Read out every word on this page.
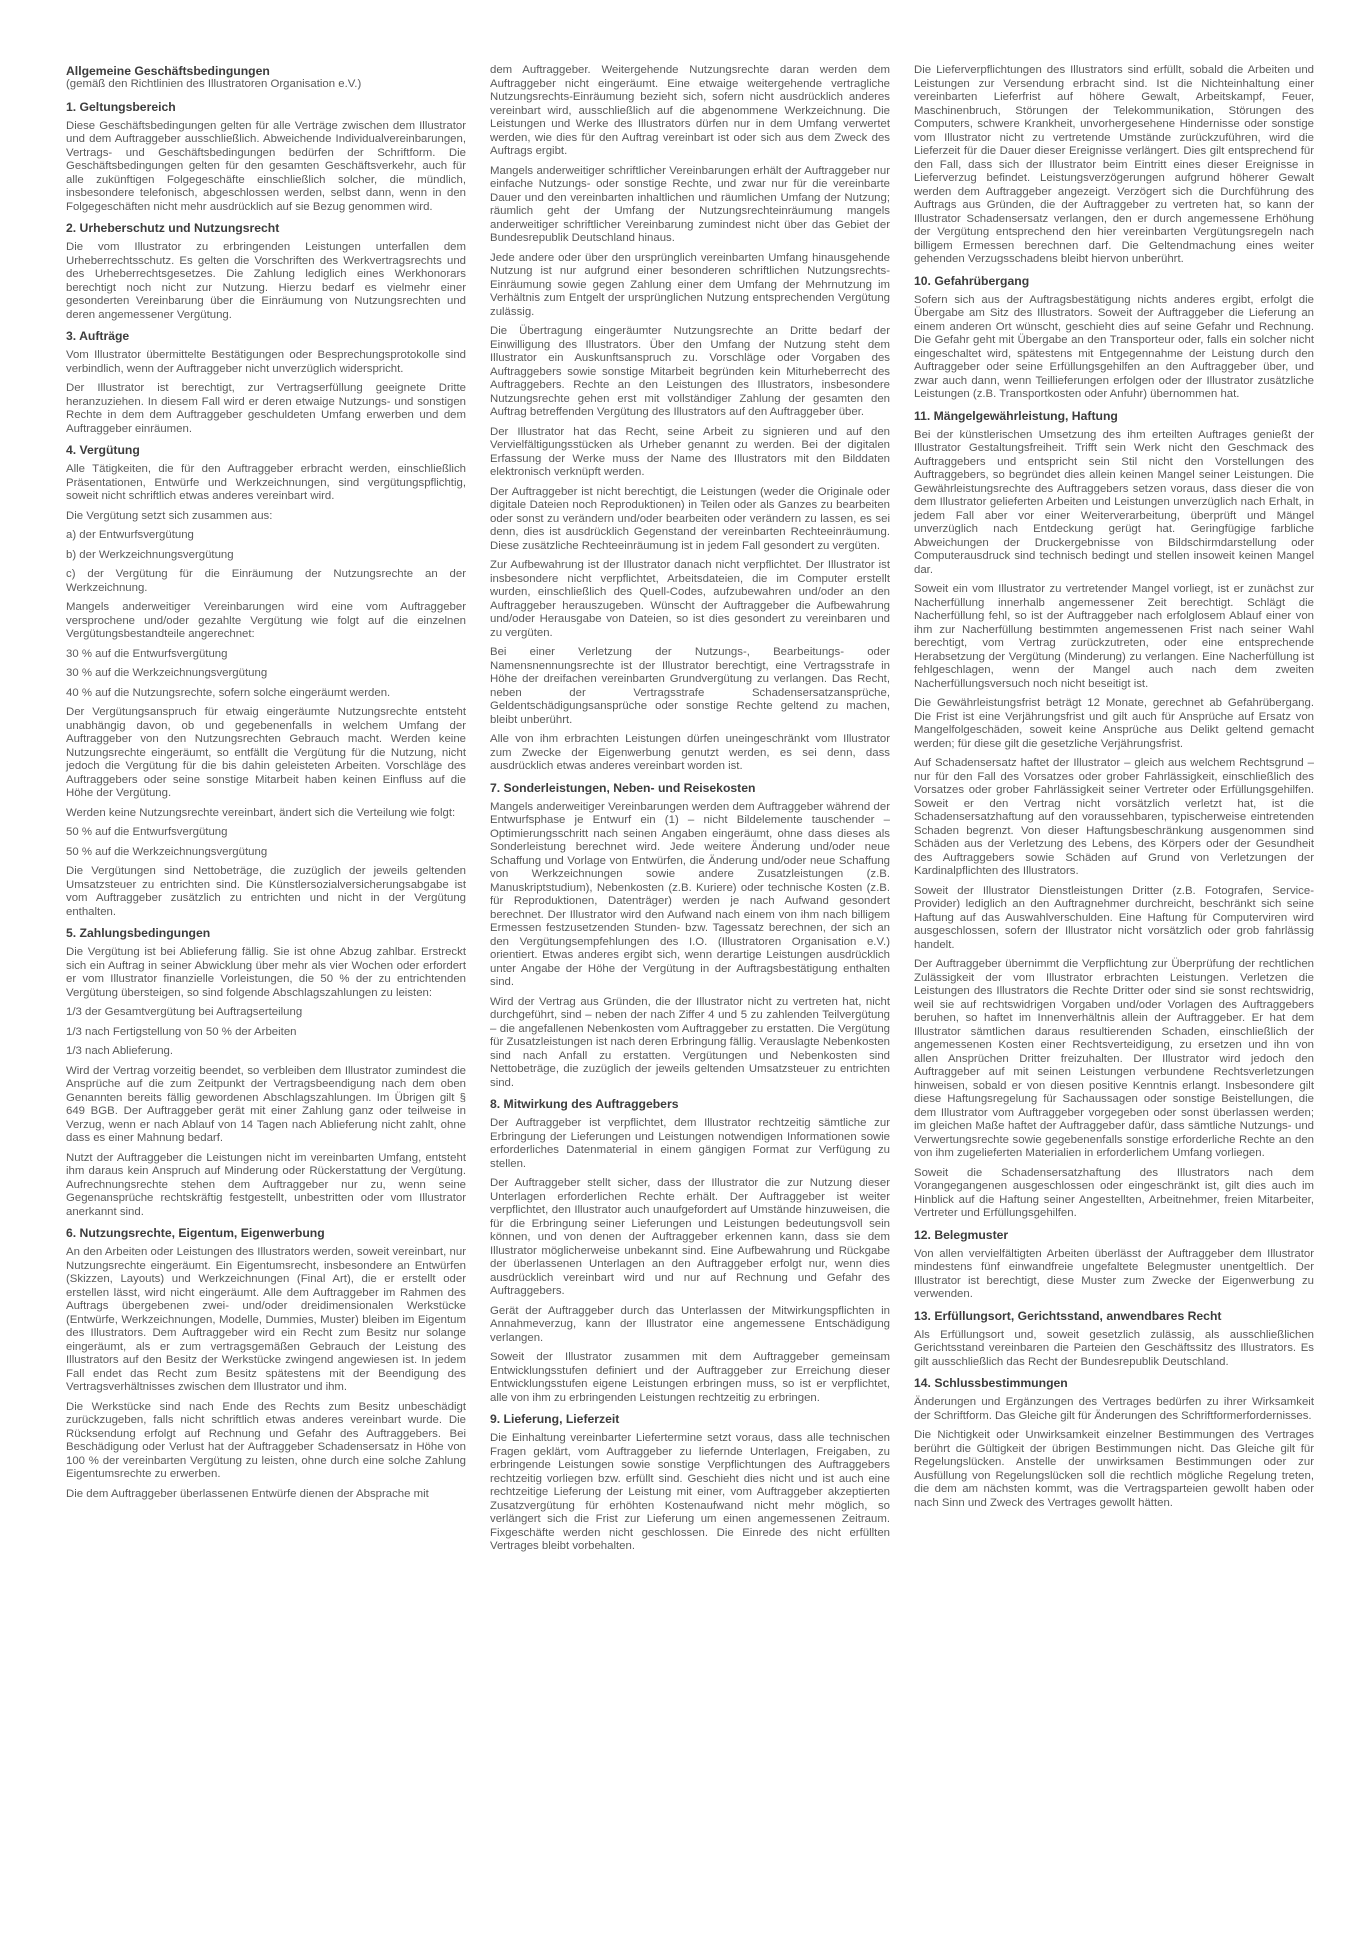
Allgemeine Geschäftsbedingungen
(gemäß den Richtlinien des Illustratoren Organisation e.V.)
1. Geltungsbereich

Diese Geschäftsbedingungen gelten für alle Verträge zwischen dem Illustrator und dem Auftraggeber ausschließlich. Abweichende Individualvereinbarungen, Vertrags- und Geschäftsbedingungen bedürfen der Schriftform. Die Geschäftsbedingungen gelten für den gesamten Geschäftsverkehr, auch für alle zukünftigen Folgegeschäfte einschließlich solcher, die mündlich, insbesondere telefonisch, abgeschlossen werden, selbst dann, wenn in den Folgegeschäften nicht mehr ausdrücklich auf sie Bezug genommen wird.

2. Urheberschutz und Nutzungsrecht

Die vom Illustrator zu erbringenden Leistungen unterfallen dem Urheberrechtsschutz. Es gelten die Vorschriften des Werkvertragsrechts und des Urheberrechtsgesetzes. Die Zahlung lediglich eines Werkhonorars berechtigt noch nicht zur Nutzung. Hierzu bedarf es vielmehr einer gesonderten Vereinbarung über die Einräumung von Nutzungsrechten und deren angemessener Vergütung.

3. Aufträge

Vom Illustrator übermittelte Bestätigungen oder Besprechungsprotokolle sind verbindlich, wenn der Auftraggeber nicht unverzüglich widerspricht.

Der Illustrator ist berechtigt, zur Vertragserfüllung geeignete Dritte heranzuziehen. In diesem Fall wird er deren etwaige Nutzungs- und sonstigen Rechte in dem dem Auftraggeber geschuldeten Umfang erwerben und dem Auftraggeber einräumen.

4. Vergütung

Alle Tätigkeiten, die für den Auftraggeber erbracht werden, einschließlich Präsentationen, Entwürfe und Werkzeichnungen, sind vergütungspflichtig, soweit nicht schriftlich etwas anderes vereinbart wird.

Die Vergütung setzt sich zusammen aus:

a) der Entwurfsvergütung

b) der Werkzeichnungsvergütung

c) der Vergütung für die Einräumung der Nutzungsrechte an der Werkzeichnung.

Mangels anderweitiger Vereinbarungen wird eine vom Auftraggeber versprochene und/oder gezahlte Vergütung wie folgt auf die einzelnen Vergütungsbestandteile angerechnet:

30 % auf die Entwurfsvergütung

30 % auf die Werkzeichnungsvergütung

40 % auf die Nutzungsrechte, sofern solche eingeräumt werden.

Der Vergütungsanspruch für etwaig eingeräumte Nutzungsrechte entsteht unabhängig davon, ob und gegebenenfalls in welchem Umfang der Auftraggeber von den Nutzungsrechten Gebrauch macht. Werden keine Nutzungsrechte eingeräumt, so entfällt die Vergütung für die Nutzung, nicht jedoch die Vergütung für die bis dahin geleisteten Arbeiten. Vorschläge des Auftraggebers oder seine sonstige Mitarbeit haben keinen Einfluss auf die Höhe der Vergütung.

Werden keine Nutzungsrechte vereinbart, ändert sich die Verteilung wie folgt:

50 % auf die Entwurfsvergütung

50 % auf die Werkzeichnungsvergütung

Die Vergütungen sind Nettobeträge, die zuzüglich der jeweils geltenden Umsatzsteuer zu entrichten sind. Die Künstlersozialversicherungsabgabe ist vom Auftraggeber zusätzlich zu entrichten und nicht in der Vergütung enthalten.

5. Zahlungsbedingungen

Die Vergütung ist bei Ablieferung fällig. Sie ist ohne Abzug zahlbar. Erstreckt sich ein Auftrag in seiner Abwicklung über mehr als vier Wochen oder erfordert er vom Illustrator finanzielle Vorleistungen, die 50 % der zu entrichtenden Vergütung übersteigen, so sind folgende Abschlagszahlungen zu leisten:

1/3 der Gesamtvergütung bei Auftragserteilung

1/3 nach Fertigstellung von 50 % der Arbeiten

1/3 nach Ablieferung.

Wird der Vertrag vorzeitig beendet, so verbleiben dem Illustrator zumindest die Ansprüche auf die zum Zeitpunkt der Vertragsbeendigung nach dem oben Genannten bereits fällig gewordenen Abschlagszahlungen. Im Übrigen gilt § 649 BGB. Der Auftraggeber gerät mit einer Zahlung ganz oder teilweise in Verzug, wenn er nach Ablauf von 14 Tagen nach Ablieferung nicht zahlt, ohne dass es einer Mahnung bedarf.

Nutzt der Auftraggeber die Leistungen nicht im vereinbarten Umfang, entsteht ihm daraus kein Anspruch auf Minderung oder Rückerstattung der Vergütung. Aufrechnungsrechte stehen dem Auftraggeber nur zu, wenn seine Gegenansprüche rechtskräftig festgestellt, unbestritten oder vom Illustrator anerkannt sind.

6. Nutzungsrechte, Eigentum, Eigenwerbung

An den Arbeiten oder Leistungen des Illustrators werden, soweit vereinbart, nur Nutzungsrechte eingeräumt. Ein Eigentumsrecht, insbesondere an Entwürfen (Skizzen, Layouts) und Werkzeichnungen (Final Art), die er erstellt oder erstellen lässt, wird nicht eingeräumt. Alle dem Auftraggeber im Rahmen des Auftrags übergebenen zwei- und/oder dreidimensionalen Werkstücke (Entwürfe, Werkzeichnungen, Modelle, Dummies, Muster) bleiben im Eigentum des Illustrators. Dem Auftraggeber wird ein Recht zum Besitz nur solange eingeräumt, als er zum vertragsgemäßen Gebrauch der Leistung des Illustrators auf den Besitz der Werkstücke zwingend angewiesen ist. In jedem Fall endet das Recht zum Besitz spätestens mit der Beendigung des Vertragsverhältnisses zwischen dem Illustrator und ihm.

Die Werkstücke sind nach Ende des Rechts zum Besitz unbeschädigt zurückzugeben, falls nicht schriftlich etwas anderes vereinbart wurde. Die Rücksendung erfolgt auf Rechnung und Gefahr des Auftraggebers. Bei Beschädigung oder Verlust hat der Auftraggeber Schadensersatz in Höhe von 100 % der vereinbarten Vergütung zu leisten, ohne durch eine solche Zahlung Eigentumsrechte zu erwerben.

Die dem Auftraggeber überlassenen Entwürfe dienen der Absprache mit

dem Auftraggeber. Weitergehende Nutzungsrechte daran werden dem Auftraggeber nicht eingeräumt. Eine etwaige weitergehende vertragliche Nutzungsrechts-Einräumung bezieht sich, sofern nicht ausdrücklich anderes vereinbart wird, ausschließlich auf die abgenommene Werkzeichnung. Die Leistungen und Werke des Illustrators dürfen nur in dem Umfang verwertet werden, wie dies für den Auftrag vereinbart ist oder sich aus dem Zweck des Auftrags ergibt.

Mangels anderweitiger schriftlicher Vereinbarungen erhält der Auftraggeber nur einfache Nutzungs- oder sonstige Rechte, und zwar nur für die vereinbarte Dauer und den vereinbarten inhaltlichen und räumlichen Umfang der Nutzung; räumlich geht der Umfang der Nutzungsrechteinräumung mangels anderweitiger schriftlicher Vereinbarung zumindest nicht über das Gebiet der Bundesrepublik Deutschland hinaus.

Jede andere oder über den ursprünglich vereinbarten Umfang hinausgehende Nutzung ist nur aufgrund einer besonderen schriftlichen Nutzungsrechts-Einräumung sowie gegen Zahlung einer dem Umfang der Mehrnutzung im Verhältnis zum Entgelt der ursprünglichen Nutzung entsprechenden Vergütung zulässig.

Die Übertragung eingeräumter Nutzungsrechte an Dritte bedarf der Einwilligung des Illustrators. Über den Umfang der Nutzung steht dem Illustrator ein Auskunftsanspruch zu. Vorschläge oder Vorgaben des Auftraggebers sowie sonstige Mitarbeit begründen kein Miturheberrecht des Auftraggebers. Rechte an den Leistungen des Illustrators, insbesondere Nutzungsrechte gehen erst mit vollständiger Zahlung der gesamten den Auftrag betreffenden Vergütung des Illustrators auf den Auftraggeber über.

Der Illustrator hat das Recht, seine Arbeit zu signieren und auf den Vervielfältigungsstücken als Urheber genannt zu werden. Bei der digitalen Erfassung der Werke muss der Name des Illustrators mit den Bilddaten elektronisch verknüpft werden.

Der Auftraggeber ist nicht berechtigt, die Leistungen (weder die Originale oder digitale Dateien noch Reproduktionen) in Teilen oder als Ganzes zu bearbeiten oder sonst zu verändern und/oder bearbeiten oder verändern zu lassen, es sei denn, dies ist ausdrücklich Gegenstand der vereinbarten Rechteeinräumung. Diese zusätzliche Rechteeinräumung ist in jedem Fall gesondert zu vergüten.

Zur Aufbewahrung ist der Illustrator danach nicht verpflichtet. Der Illustrator ist insbesondere nicht verpflichtet, Arbeitsdateien, die im Computer erstellt wurden, einschließlich des Quell-Codes, aufzubewahren und/oder an den Auftraggeber herauszugeben. Wünscht der Auftraggeber die Aufbewahrung und/oder Herausgabe von Dateien, so ist dies gesondert zu vereinbaren und zu vergüten.

Bei einer Verletzung der Nutzungs-, Bearbeitungs- oder Namensnennungsrechte ist der Illustrator berechtigt, eine Vertragsstrafe in Höhe der dreifachen vereinbarten Grundvergütung zu verlangen. Das Recht, neben der Vertragsstrafe Schadensersatzansprüche, Geldentschädigungsansprüche oder sonstige Rechte geltend zu machen, bleibt unberührt.

Alle von ihm erbrachten Leistungen dürfen uneingeschränkt vom Illustrator zum Zwecke der Eigenwerbung genutzt werden, es sei denn, dass ausdrücklich etwas anderes vereinbart worden ist.

7. Sonderleistungen, Neben- und Reisekosten

Mangels anderweitiger Vereinbarungen werden dem Auftraggeber während der Entwurfsphase je Entwurf ein (1) – nicht Bildelemente tauschender – Optimierungsschritt nach seinen Angaben eingeräumt, ohne dass dieses als Sonderleistung berechnet wird. Jede weitere Änderung und/oder neue Schaffung und Vorlage von Entwürfen, die Änderung und/oder neue Schaffung von Werkzeichnungen sowie andere Zusatzleistungen (z.B. Manuskriptstudium), Nebenkosten (z.B. Kuriere) oder technische Kosten (z.B. für Reproduktionen, Datenträger) werden je nach Aufwand gesondert berechnet. Der Illustrator wird den Aufwand nach einem von ihm nach billigem Ermessen festzusetzenden Stunden- bzw. Tagessatz berechnen, der sich an den Vergütungsempfehlungen des I.O. (Illustratoren Organisation e.V.) orientiert. Etwas anderes ergibt sich, wenn derartige Leistungen ausdrücklich unter Angabe der Höhe der Vergütung in der Auftragsbestätigung enthalten sind.

Wird der Vertrag aus Gründen, die der Illustrator nicht zu vertreten hat, nicht durchgeführt, sind – neben der nach Ziffer 4 und 5 zu zahlenden Teilvergütung – die angefallenen Nebenkosten vom Auftraggeber zu erstatten. Die Vergütung für Zusatzleistungen ist nach deren Erbringung fällig. Verauslagte Nebenkosten sind nach Anfall zu erstatten. Vergütungen und Nebenkosten sind Nettobeträge, die zuzüglich der jeweils geltenden Umsatzsteuer zu entrichten sind.

8. Mitwirkung des Auftraggebers

Der Auftraggeber ist verpflichtet, dem Illustrator rechtzeitig sämtliche zur Erbringung der Lieferungen und Leistungen notwendigen Informationen sowie erforderliches Datenmaterial in einem gängigen Format zur Verfügung zu stellen.

Der Auftraggeber stellt sicher, dass der Illustrator die zur Nutzung dieser Unterlagen erforderlichen Rechte erhält. Der Auftraggeber ist weiter verpflichtet, den Illustrator auch unaufgefordert auf Umstände hinzuweisen, die für die Erbringung seiner Lieferungen und Leistungen bedeutungsvoll sein können, und von denen der Auftraggeber erkennen kann, dass sie dem Illustrator möglicherweise unbekannt sind. Eine Aufbewahrung und Rückgabe der überlassenen Unterlagen an den Auftraggeber erfolgt nur, wenn dies ausdrücklich vereinbart wird und nur auf Rechnung und Gefahr des Auftraggebers.

Gerät der Auftraggeber durch das Unterlassen der Mitwirkungspflichten in Annahmeverzug, kann der Illustrator eine angemessene Entschädigung verlangen.

Soweit der Illustrator zusammen mit dem Auftraggeber gemeinsam Entwicklungsstufen definiert und der Auftraggeber zur Erreichung dieser Entwicklungsstufen eigene Leistungen erbringen muss, so ist er verpflichtet, alle von ihm zu erbringenden Leistungen rechtzeitig zu erbringen.

9. Lieferung, Lieferzeit

Die Einhaltung vereinbarter Liefertermine setzt voraus, dass alle technischen Fragen geklärt, vom Auftraggeber zu liefernde Unterlagen, Freigaben, zu erbringende Leistungen sowie sonstige Verpflichtungen des Auftraggebers rechtzeitig vorliegen bzw. erfüllt sind. Geschieht dies nicht und ist auch eine rechtzeitige Lieferung der Leistung mit einer, vom Auftraggeber akzeptierten Zusatzvergütung für erhöhten Kostenaufwand nicht mehr möglich, so verlängert sich die Frist zur Lieferung um einen angemessenen Zeitraum. Fixgeschäfte werden nicht geschlossen. Die Einrede des nicht erfüllten Vertrages bleibt vorbehalten.

Die Lieferverpflichtungen des Illustrators sind erfüllt, sobald die Arbeiten und Leistungen zur Versendung erbracht sind. Ist die Nichteinhaltung einer vereinbarten Lieferfrist auf höhere Gewalt, Arbeitskampf, Feuer, Maschinenbruch, Störungen der Telekommunikation, Störungen des Computers, schwere Krankheit, unvorhergesehene Hindernisse oder sonstige vom Illustrator nicht zu vertretende Umstände zurückzuführen, wird die Lieferzeit für die Dauer dieser Ereignisse verlängert. Dies gilt entsprechend für den Fall, dass sich der Illustrator beim Eintritt eines dieser Ereignisse in Lieferverzug befindet. Leistungsverzögerungen aufgrund höherer Gewalt werden dem Auftraggeber angezeigt. Verzögert sich die Durchführung des Auftrags aus Gründen, die der Auftraggeber zu vertreten hat, so kann der Illustrator Schadensersatz verlangen, den er durch angemessene Erhöhung der Vergütung entsprechend den hier vereinbarten Vergütungsregeln nach billigem Ermessen berechnen darf. Die Geltendmachung eines weiter gehenden Verzugsschadens bleibt hiervon unberührt.

10. Gefahrübergang

Sofern sich aus der Auftragsbestätigung nichts anderes ergibt, erfolgt die Übergabe am Sitz des Illustrators. Soweit der Auftraggeber die Lieferung an einem anderen Ort wünscht, geschieht dies auf seine Gefahr und Rechnung. Die Gefahr geht mit Übergabe an den Transporteur oder, falls ein solcher nicht eingeschaltet wird, spätestens mit Entgegennahme der Leistung durch den Auftraggeber oder seine Erfüllungsgehilfen an den Auftraggeber über, und zwar auch dann, wenn Teillieferungen erfolgen oder der Illustrator zusätzliche Leistungen (z.B. Transportkosten oder Anfuhr) übernommen hat.

11. Mängelgewährleistung, Haftung

Bei der künstlerischen Umsetzung des ihm erteilten Auftrages genießt der Illustrator Gestaltungsfreiheit. Trifft sein Werk nicht den Geschmack des Auftraggebers und entspricht sein Stil nicht den Vorstellungen des Auftraggebers, so begründet dies allein keinen Mangel seiner Leistungen. Die Gewährleistungsrechte des Auftraggebers setzen voraus, dass dieser die von dem Illustrator gelieferten Arbeiten und Leistungen unverzüglich nach Erhalt, in jedem Fall aber vor einer Weiterverarbeitung, überprüft und Mängel unverzüglich nach Entdeckung gerügt hat. Geringfügige farbliche Abweichungen der Druckergebnisse von Bildschirmdarstellung oder Computerausdruck sind technisch bedingt und stellen insoweit keinen Mangel dar.

Soweit ein vom Illustrator zu vertretender Mangel vorliegt, ist er zunächst zur Nacherfüllung innerhalb angemessener Zeit berechtigt. Schlägt die Nacherfüllung fehl, so ist der Auftraggeber nach erfolglosem Ablauf einer von ihm zur Nacherfüllung bestimmten angemessenen Frist nach seiner Wahl berechtigt, vom Vertrag zurückzutreten, oder eine entsprechende Herabsetzung der Vergütung (Minderung) zu verlangen. Eine Nacherfüllung ist fehlgeschlagen, wenn der Mangel auch nach dem zweiten Nacherfüllungsversuch noch nicht beseitigt ist.

Die Gewährleistungsfrist beträgt 12 Monate, gerechnet ab Gefahrübergang. Die Frist ist eine Verjährungsfrist und gilt auch für Ansprüche auf Ersatz von Mangelfolgeschäden, soweit keine Ansprüche aus Delikt geltend gemacht werden; für diese gilt die gesetzliche Verjährungsfrist.

Auf Schadensersatz haftet der Illustrator – gleich aus welchem Rechtsgrund – nur für den Fall des Vorsatzes oder grober Fahrlässigkeit, einschließlich des Vorsatzes oder grober Fahrlässigkeit seiner Vertreter oder Erfüllungsgehilfen. Soweit er den Vertrag nicht vorsätzlich verletzt hat, ist die Schadensersatzhaftung auf den voraussehbaren, typischerweise eintretenden Schaden begrenzt. Von dieser Haftungsbeschränkung ausgenommen sind Schäden aus der Verletzung des Lebens, des Körpers oder der Gesundheit des Auftraggebers sowie Schäden auf Grund von Verletzungen der Kardinalpflichten des Illustrators.

Soweit der Illustrator Dienstleistungen Dritter (z.B. Fotografen, Service-Provider) lediglich an den Auftragnehmer durchreicht, beschränkt sich seine Haftung auf das Auswahlverschulden. Eine Haftung für Computerviren wird ausgeschlossen, sofern der Illustrator nicht vorsätzlich oder grob fahrlässig handelt.

Der Auftraggeber übernimmt die Verpflichtung zur Überprüfung der rechtlichen Zulässigkeit der vom Illustrator erbrachten Leistungen. Verletzen die Leistungen des Illustrators die Rechte Dritter oder sind sie sonst rechtswidrig, weil sie auf rechtswidrigen Vorgaben und/oder Vorlagen des Auftraggebers beruhen, so haftet im Innenverhältnis allein der Auftraggeber. Er hat dem Illustrator sämtlichen daraus resultierenden Schaden, einschließlich der angemessenen Kosten einer Rechtsverteidigung, zu ersetzen und ihn von allen Ansprüchen Dritter freizuhalten. Der Illustrator wird jedoch den Auftraggeber auf mit seinen Leistungen verbundene Rechtsverletzungen hinweisen, sobald er von diesen positive Kenntnis erlangt. Insbesondere gilt diese Haftungsregelung für Sachaussagen oder sonstige Beistellungen, die dem Illustrator vom Auftraggeber vorgegeben oder sonst überlassen werden; im gleichen Maße haftet der Auftraggeber dafür, dass sämtliche Nutzungs- und Verwertungsrechte sowie gegebenenfalls sonstige erforderliche Rechte an den von ihm zugelieferten Materialien in erforderlichem Umfang vorliegen.

Soweit die Schadensersatzhaftung des Illustrators nach dem Vorangegangenen ausgeschlossen oder eingeschränkt ist, gilt dies auch im Hinblick auf die Haftung seiner Angestellten, Arbeitnehmer, freien Mitarbeiter, Vertreter und Erfüllungsgehilfen.

12. Belegmuster

Von allen vervielfältigten Arbeiten überlässt der Auftraggeber dem Illustrator mindestens fünf einwandfreie ungefaltete Belegmuster unentgeltlich. Der Illustrator ist berechtigt, diese Muster zum Zwecke der Eigenwerbung zu verwenden.

13. Erfüllungsort, Gerichtsstand, anwendbares Recht

Als Erfüllungsort und, soweit gesetzlich zulässig, als ausschließlichen Gerichtsstand vereinbaren die Parteien den Geschäftssitz des Illustrators. Es gilt ausschließlich das Recht der Bundesrepublik Deutschland.

14. Schlussbestimmungen

Änderungen und Ergänzungen des Vertrages bedürfen zu ihrer Wirksamkeit der Schriftform. Das Gleiche gilt für Änderungen des Schriftformerfordernisses.

Die Nichtigkeit oder Unwirksamkeit einzelner Bestimmungen des Vertrages berührt die Gültigkeit der übrigen Bestimmungen nicht. Das Gleiche gilt für Regelungslücken. Anstelle der unwirksamen Bestimmungen oder zur Ausfüllung von Regelungslücken soll die rechtlich mögliche Regelung treten, die dem am nächsten kommt, was die Vertragsparteien gewollt haben oder nach Sinn und Zweck des Vertrages gewollt hätten.
